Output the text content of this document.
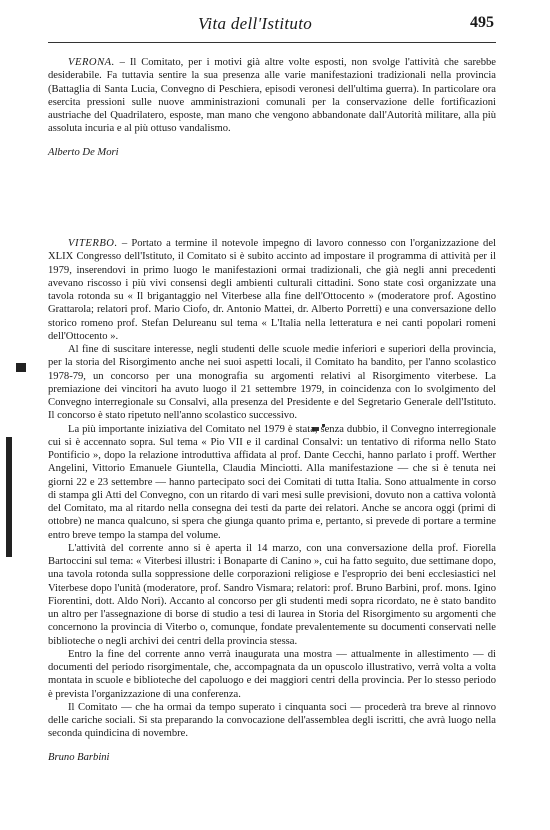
Vita dell'Istituto	495

VERONA. – Il Comitato, per i motivi già altre volte esposti, non svolge l'attività che sarebbe desiderabile. Fa tuttavia sentire la sua presenza alle varie manifestazioni tradizionali nella provincia (Battaglia di Santa Lucia, Convegno di Peschiera, episodi veronesi dell'ultima guerra). In particolare ora esercita pressioni sulle nuove amministrazioni comunali per la conservazione delle fortificazioni austriache del Quadrilatero, esposte, man mano che vengono abbandonate dall'Autorità militare, alla più assoluta incuria e al più ottuso vandalismo.

Alberto De Mori

VITERBO. – Portato a termine il notevole impegno di lavoro connesso con l'organizzazione del XLIX Congresso dell'Istituto, il Comitato si è subito accinto ad impostare il programma di attività per il 1979, inserendovi in primo luogo le manifestazioni ormai tradizionali, che già negli anni precedenti avevano riscosso i più vivi consensi degli ambienti culturali cittadini. Sono state così organizzate una tavola rotonda su « Il brigantaggio nel Viterbese alla fine dell'Ottocento » (moderatore prof. Agostino Grattarola; relatori prof. Mario Ciofo, dr. Antonio Mattei, dr. Alberto Porretti) e una conversazione dello storico romeno prof. Stefan Delureanu sul tema « L'Italia nella letteratura e nei canti popolari romeni dell'Ottocento ».

Al fine di suscitare interesse, negli studenti delle scuole medie inferiori e superiori della provincia, per la storia del Risorgimento anche nei suoi aspetti locali, il Comitato ha bandito, per l'anno scolastico 1978-79, un concorso per una monografia su argomenti relativi al Risorgimento viterbese. La premiazione dei vincitori ha avuto luogo il 21 settembre 1979, in coincidenza con lo svolgimento del Convegno interregionale su Consalvi, alla presenza del Presidente e del Segretario Generale dell'Istituto. Il concorso è stato ripetuto nell'anno scolastico successivo.

La più importante iniziativa del Comitato nel 1979 è stata, senza dubbio, il Convegno interregionale cui si è accennato sopra. Sul tema « Pio VII e il cardinal Consalvi: un tentativo di riforma nello Stato Pontificio », dopo la relazione introduttiva affidata al prof. Dante Cecchi, hanno parlato i proff. Werther Angelini, Vittorio Emanuele Giuntella, Claudia Minciotti. Alla manifestazione — che si è tenuta nei giorni 22 e 23 settembre — hanno partecipato soci dei Comitati di tutta Italia. Sono attualmente in corso di stampa gli Atti del Convegno, con un ritardo di vari mesi sulle previsioni, dovuto non a cattiva volontà del Comitato, ma al ritardo nella consegna dei testi da parte dei relatori. Anche se ancora oggi (primi di ottobre) ne manca qualcuno, si spera che giunga quanto prima e, pertanto, si prevede di portare a termine entro breve tempo la stampa del volume.

L'attività del corrente anno si è aperta il 14 marzo, con una conversazione della prof. Fiorella Bartoccini sul tema: « Viterbesi illustri: i Bonaparte di Canino », cui ha fatto seguito, due settimane dopo, una tavola rotonda sulla soppressione delle corporazioni religiose e l'esproprio dei beni ecclesiastici nel Viterbese dopo l'unità (moderatore, prof. Sandro Vismara; relatori: prof. Bruno Barbini, prof. mons. Igino Fiorentini, dott. Aldo Nori). Accanto al concorso per gli studenti medi sopra ricordato, ne è stato bandito un altro per l'assegnazione di borse di studio a tesi di laurea in Storia del Risorgimento su argomenti che concernono la provincia di Viterbo o, comunque, fondate prevalentemente su documenti conservati nelle biblioteche o negli archivi dei centri della provincia stessa.

Entro la fine del corrente anno verrà inaugurata una mostra — attualmente in allestimento — di documenti del periodo risorgimentale, che, accompagnata da un opuscolo illustrativo, verrà volta a volta montata in scuole e biblioteche del capoluogo e dei maggiori centri della provincia. Per lo stesso periodo è prevista l'organizzazione di una conferenza.

Il Comitato — che ha ormai da tempo superato i cinquanta soci — procederà tra breve al rinnovo delle cariche sociali. Si sta preparando la convocazione dell'assemblea degli iscritti, che avrà luogo nella seconda quindicina di novembre.

Bruno Barbini
